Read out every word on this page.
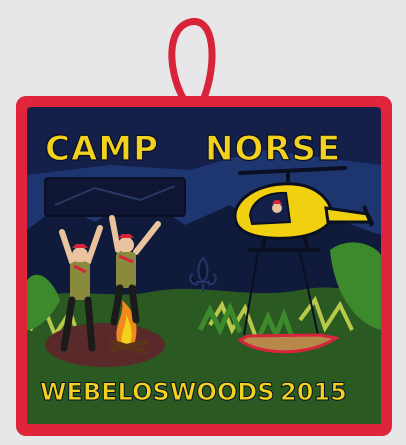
CAMP NORSE
WEBELOS WOODS 2015
